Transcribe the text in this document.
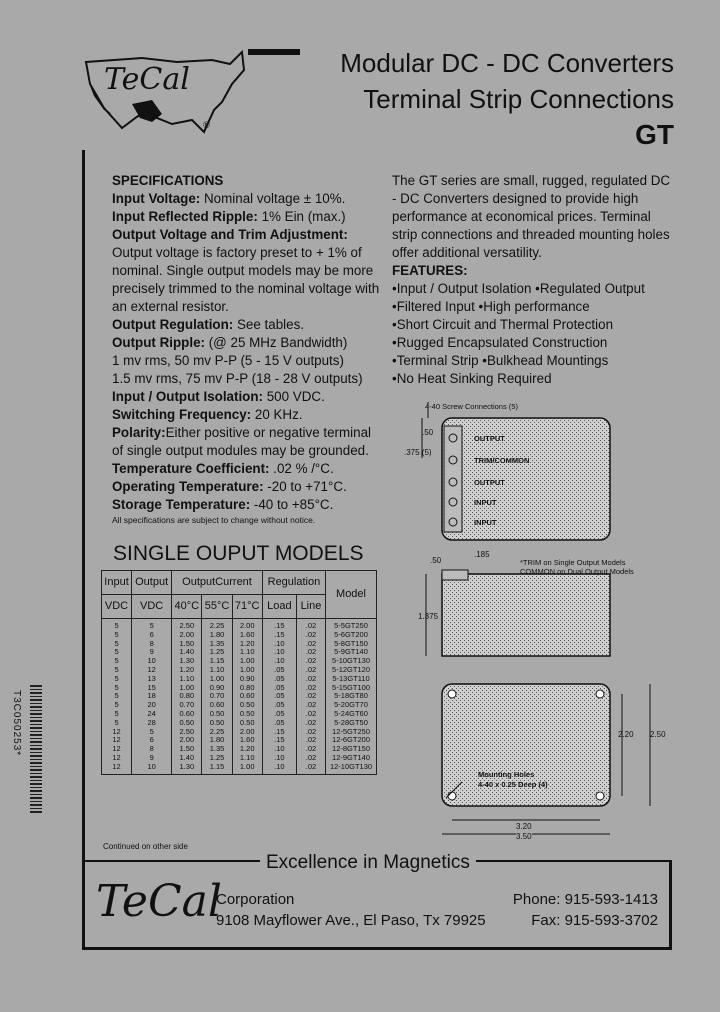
TeCal
®
Modular DC - DC Converters
Terminal Strip Connections
GT
SPECIFICATIONS
Input Voltage: Nominal voltage ± 10%.
Input Reflected Ripple: 1% Ein (max.)
Output Voltage and Trim Adjustment:
Output voltage is factory preset to + 1% of nominal. Single output models may be more precisely trimmed to the nominal voltage with an external resistor.
Output Regulation: See tables.
Output Ripple: (@ 25 MHz Bandwidth)
1 mv rms, 50 mv P-P (5 - 15 V outputs)
1.5 mv rms, 75 mv P-P (18 - 28 V outputs)
Input / Output Isolation: 500 VDC.
Switching Frequency: 20 KHz.
Polarity:Either positive or negative terminal of single output modules may be grounded.
Temperature Coefficient: .02 % /°C.
Operating Temperature: -20 to +71°C.
Storage Temperature: -40 to +85°C.
All specifications are subject to change without notice.
The GT series are small, rugged, regulated DC - DC Converters designed to provide high performance at economical prices. Terminal strip connections and threaded mounting holes offer additional versatility.
FEATURES:
•Input / Output Isolation •Regulated Output
•Filtered Input •High performance
•Short Circuit and Thermal Protection
•Rugged Encapsulated Construction
•Terminal Strip •Bulkhead Mountings
•No Heat Sinking Required
SINGLE OUPUT MODELS
Input	Output	OutputCurrent			Regulation		Model
VDC	VDC	40°C	55°C	71°C	Load	Line	
5	5	2.50	2.25	2.00	.15	.02	5-5GT250
5	6	2.00	1.80	1.60	.15	.02	5-6GT200
5	8	1.50	1.35	1.20	.10	.02	5-8GT150
5	9	1.40	1.25	1.10	.10	.02	5-9GT140
5	10	1.30	1.15	1.00	.10	.02	5-10GT130
5	12	1.20	1.10	1.00	.05	.02	5-12GT120
5	13	1.10	1.00	0.90	.05	.02	5-13GT110
5	15	1.00	0.90	0.80	.05	.02	5-15GT100
5	18	0.80	0.70	0.60	.05	.02	5-18GT80
5	20	0.70	0.60	0.50	.05	.02	5-20GT70
5	24	0.60	0.50	0.50	.05	.02	5-24GT60
5	28	0.50	0.50	0.50	.05	.02	5-28GT50
12	5	2.50	2.25	2.00	.15	.02	12-5GT250
12	6	2.00	1.80	1.60	.15	.02	12-6GT200
12	8	1.50	1.35	1.20	.10	.02	12-8GT150
12	9	1.40	1.25	1.10	.10	.02	12-9GT140
12	10	1.30	1.15	1.00	.10	.02	12-10GT130
Continued on other side
T3C050253*
4-40 Screw Connections (5)
.50
.375 (5)
OUTPUT
TRIM/COMMON
OUTPUT
INPUT
INPUT
.50
.185
*TRIM on Single Output Models
COMMON on Dual Output Models
1.375
2.20 2.50
Mounting Holes
4-40 x 0.25 Deep (4)
3.20
3.50
Excellence in Magnetics
TeCal
Corporation
9108 Mayflower Ave., El Paso, Tx 79925
Phone: 915-593-1413
Fax: 915-593-3702
